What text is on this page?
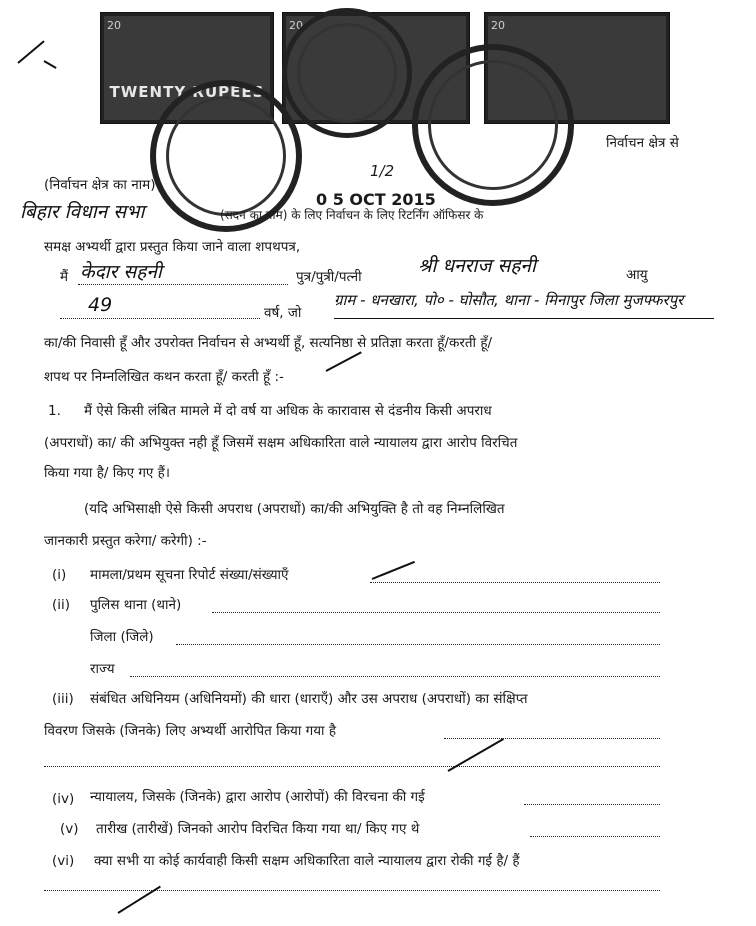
20
TWENTY RUPEES
20	20
निर्वाचन क्षेत्र से
(निर्वाचन क्षेत्र का नाम)
1/2
0 5 OCT 2015
बिहार विधान सभा	(सदन का नाम) के लिए निर्वाचन के लिए रिटर्निंग ऑफिसर के
समक्ष अभ्यर्थी द्वारा प्रस्तुत किया जाने वाला शपथपत्र,
मैं केदार सहनी	पुत्र/पुत्री/पत्नी	श्री धनराज सहनी	आयु
49	वर्ष, जो
ग्राम - धनखारा, पो० - घोसौत, थाना - मिनापुर जिला मुजफ्फरपुर
का/की निवासी हूँ और उपरोक्त निर्वाचन से अभ्यर्थी हूँ, सत्यनिष्ठा से प्रतिज्ञा करता हूँ/करती हूँ/
शपथ पर निम्नलिखित कथन करता हूँ/ करती हूँ :-
1. मैं ऐसे किसी लंबित मामले में दो वर्ष या अधिक के कारावास से दंडनीय किसी अपराध
(अपराधों) का/ की अभियुक्त नही हूँ जिसमें सक्षम अधिकारिता वाले न्यायालय द्वारा आरोप विरचित
किया गया है/ किए गए हैं।
(यदि अभिसाक्षी ऐसे किसी अपराध (अपराधों) का/की अभियुक्ति है तो वह निम्नलिखित
जानकारी प्रस्तुत करेगा/ करेगी) :-
(i) मामला/प्रथम सूचना रिपोर्ट संख्या/संख्याएँ
(ii) पुलिस थाना (थाने)
जिला (जिले)
राज्य
(iii) संबंधित अधिनियम (अधिनियमों) की धारा (धाराएँ) और उस अपराध (अपराधों) का संक्षिप्त
विवरण जिसके (जिनके) लिए अभ्यर्थी आरोपित किया गया है
(iv) न्यायालय, जिसके (जिनके) द्वारा आरोप (आरोपों) की विरचना की गई
(v) तारीख (तारीखें) जिनको आरोप विरचित किया गया था/ किए गए थे
(vi) क्या सभी या कोई कार्यवाही किसी सक्षम अधिकारिता वाले न्यायालय द्वारा रोकी गई है/ हैं
